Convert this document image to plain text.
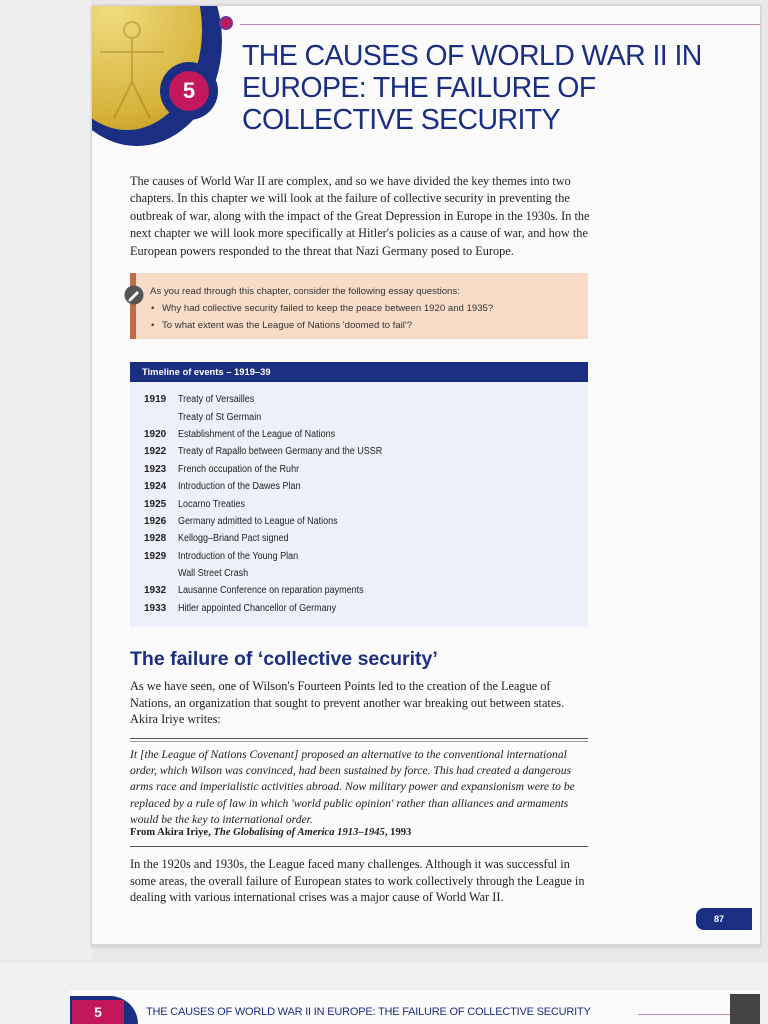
5
THE CAUSES OF WORLD WAR II IN EUROPE: THE FAILURE OF COLLECTIVE SECURITY

The causes of World War II are complex, and so we have divided the key themes into two chapters. In this chapter we will look at the failure of collective security in preventing the outbreak of war, along with the impact of the Great Depression in Europe in the 1930s. In the next chapter we will look more specifically at Hitler's policies as a cause of war, and how the European powers responded to the threat that Nazi Germany posed to Europe.

As you read through this chapter, consider the following essay questions:
• Why had collective security failed to keep the peace between 1920 and 1935?
• To what extent was the League of Nations 'doomed to fail'?
Timeline of events – 1919–39
1919	Treaty of Versailles
Treaty of St Germain
1920	Establishment of the League of Nations
1922	Treaty of Rapallo between Germany and the USSR
1923	French occupation of the Ruhr
1924	Introduction of the Dawes Plan
1925	Locarno Treaties
1926	Germany admitted to League of Nations
1928	Kellogg–Briand Pact signed
1929	Introduction of the Young Plan
Wall Street Crash
1932	Lausanne Conference on reparation payments
1933	Hitler appointed Chancellor of Germany
The failure of ‘collective security’

As we have seen, one of Wilson's Fourteen Points led to the creation of the League of Nations, an organization that sought to prevent another war breaking out between states. Akira Iriye writes:

It [the League of Nations Covenant] proposed an alternative to the conventional international order, which Wilson was convinced, had been sustained by force. This had created a dangerous arms race and imperialistic activities abroad. Now military power and expansionism were to be replaced by a rule of law in which 'world public opinion' rather than alliances and armaments would be the key to international order.

From Akira Iriye, The Globalising of America 1913–1945, 1993

In the 1920s and 1930s, the League faced many challenges. Although it was successful in some areas, the overall failure of European states to work collectively through the League in dealing with various international crises was a major cause of World War II.

87
5	THE CAUSES OF WORLD WAR II IN EUROPE: THE FAILURE OF COLLECTIVE SECURITY
